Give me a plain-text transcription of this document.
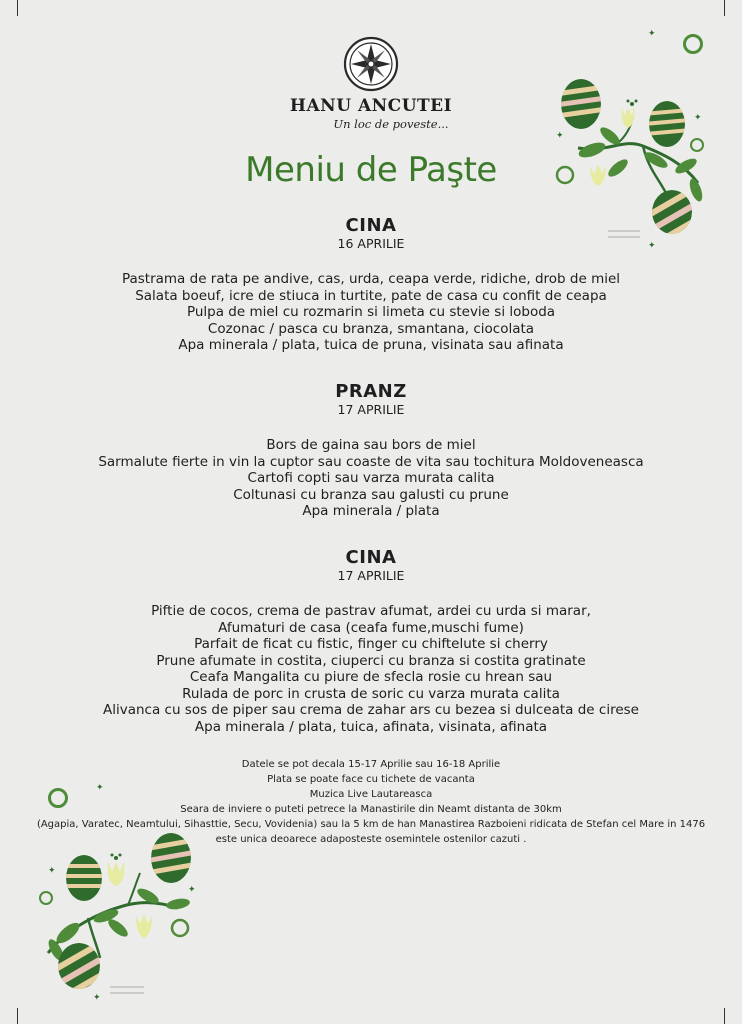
HANU ANCUTEI
Un loc de poveste...
Meniu de Paşte
CINA
16 APRILIE
Pastrama de rata pe andive, cas, urda, ceapa verde, ridiche, drob de miel
Salata boeuf, icre de stiuca in turtite, pate de casa cu confit de ceapa
Pulpa de miel cu rozmarin si limeta cu stevie si loboda
Cozonac / pasca cu branza, smantana, ciocolata
Apa minerala / plata, tuica de pruna, visinata sau afinata
PRANZ
17 APRILIE
Bors de gaina sau bors de miel
Sarmalute fierte in vin la cuptor sau coaste de vita sau tochitura Moldoveneasca
Cartofi copti sau varza murata calita
Coltunasi cu branza sau galusti cu prune
Apa minerala / plata
CINA
17 APRILIE
Piftie de cocos, crema de pastrav afumat, ardei cu urda si marar,
Afumaturi de casa (ceafa fume,muschi fume)
Parfait de ficat cu fistic, finger cu chiftelute si cherry
Prune afumate in costita, ciuperci cu branza si costita gratinate
Ceafa Mangalita cu piure de sfecla rosie cu hrean sau
Rulada de porc in crusta de soric cu varza murata calita
Alivanca cu sos de piper sau crema de zahar ars cu bezea si dulceata de cirese
Apa minerala / plata, tuica, afinata, visinata, afinata
Datele se pot decala 15-17 Aprilie sau 16-18 Aprilie
Plata se poate face cu tichete de vacanta
Muzica Live Lautareasca
Seara de inviere o puteti petrece la Manastirile din Neamt distanta de 30km
(Agapia, Varatec, Neamtului, Sihasttie, Secu, Vovidenia) sau la 5 km de han Manastirea Razboieni ridicata de Stefan cel Mare in 1476
este unica deoarece adaposteste osemintele ostenilor cazuti .
✦
✦
✦
✦
✦
✦
✦
✦
